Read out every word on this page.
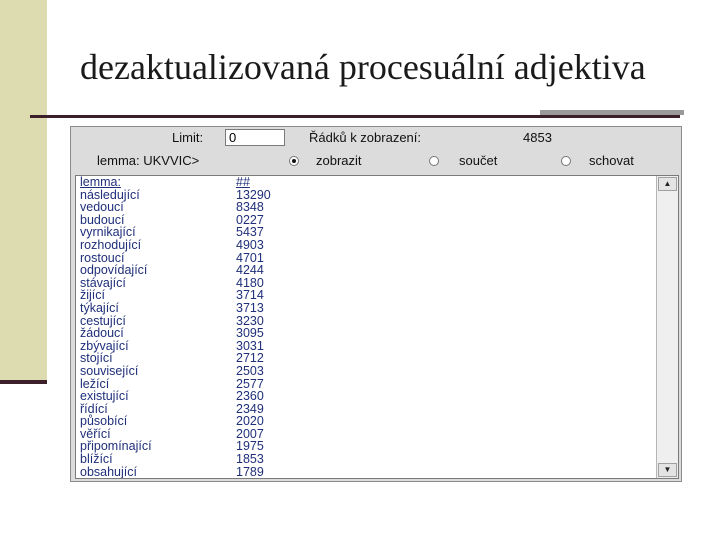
dezaktualizovaná procesuální adjektiva
Limit:
0	Řádků k zobrazení:	4853
lemma: UKVVIC>	zobrazit	součet	schovat
lemma:	##
následující	13290
vedoucí	8348
budoucí	0227
vyrnikající	5437
rozhodující	4903
rostoucí	4701
odpovídající	4244
stávající	4180
žijící	3714
týkající	3713
cestující	3230
žádoucí	3095
zbývající	3031
stojící	2712
související	2503
ležící	2577
existující	2360
řídící	2349
působící	2020
věřící	2007
připomínající	1975
blížící	1853
obsahující	1789
▲
▼
